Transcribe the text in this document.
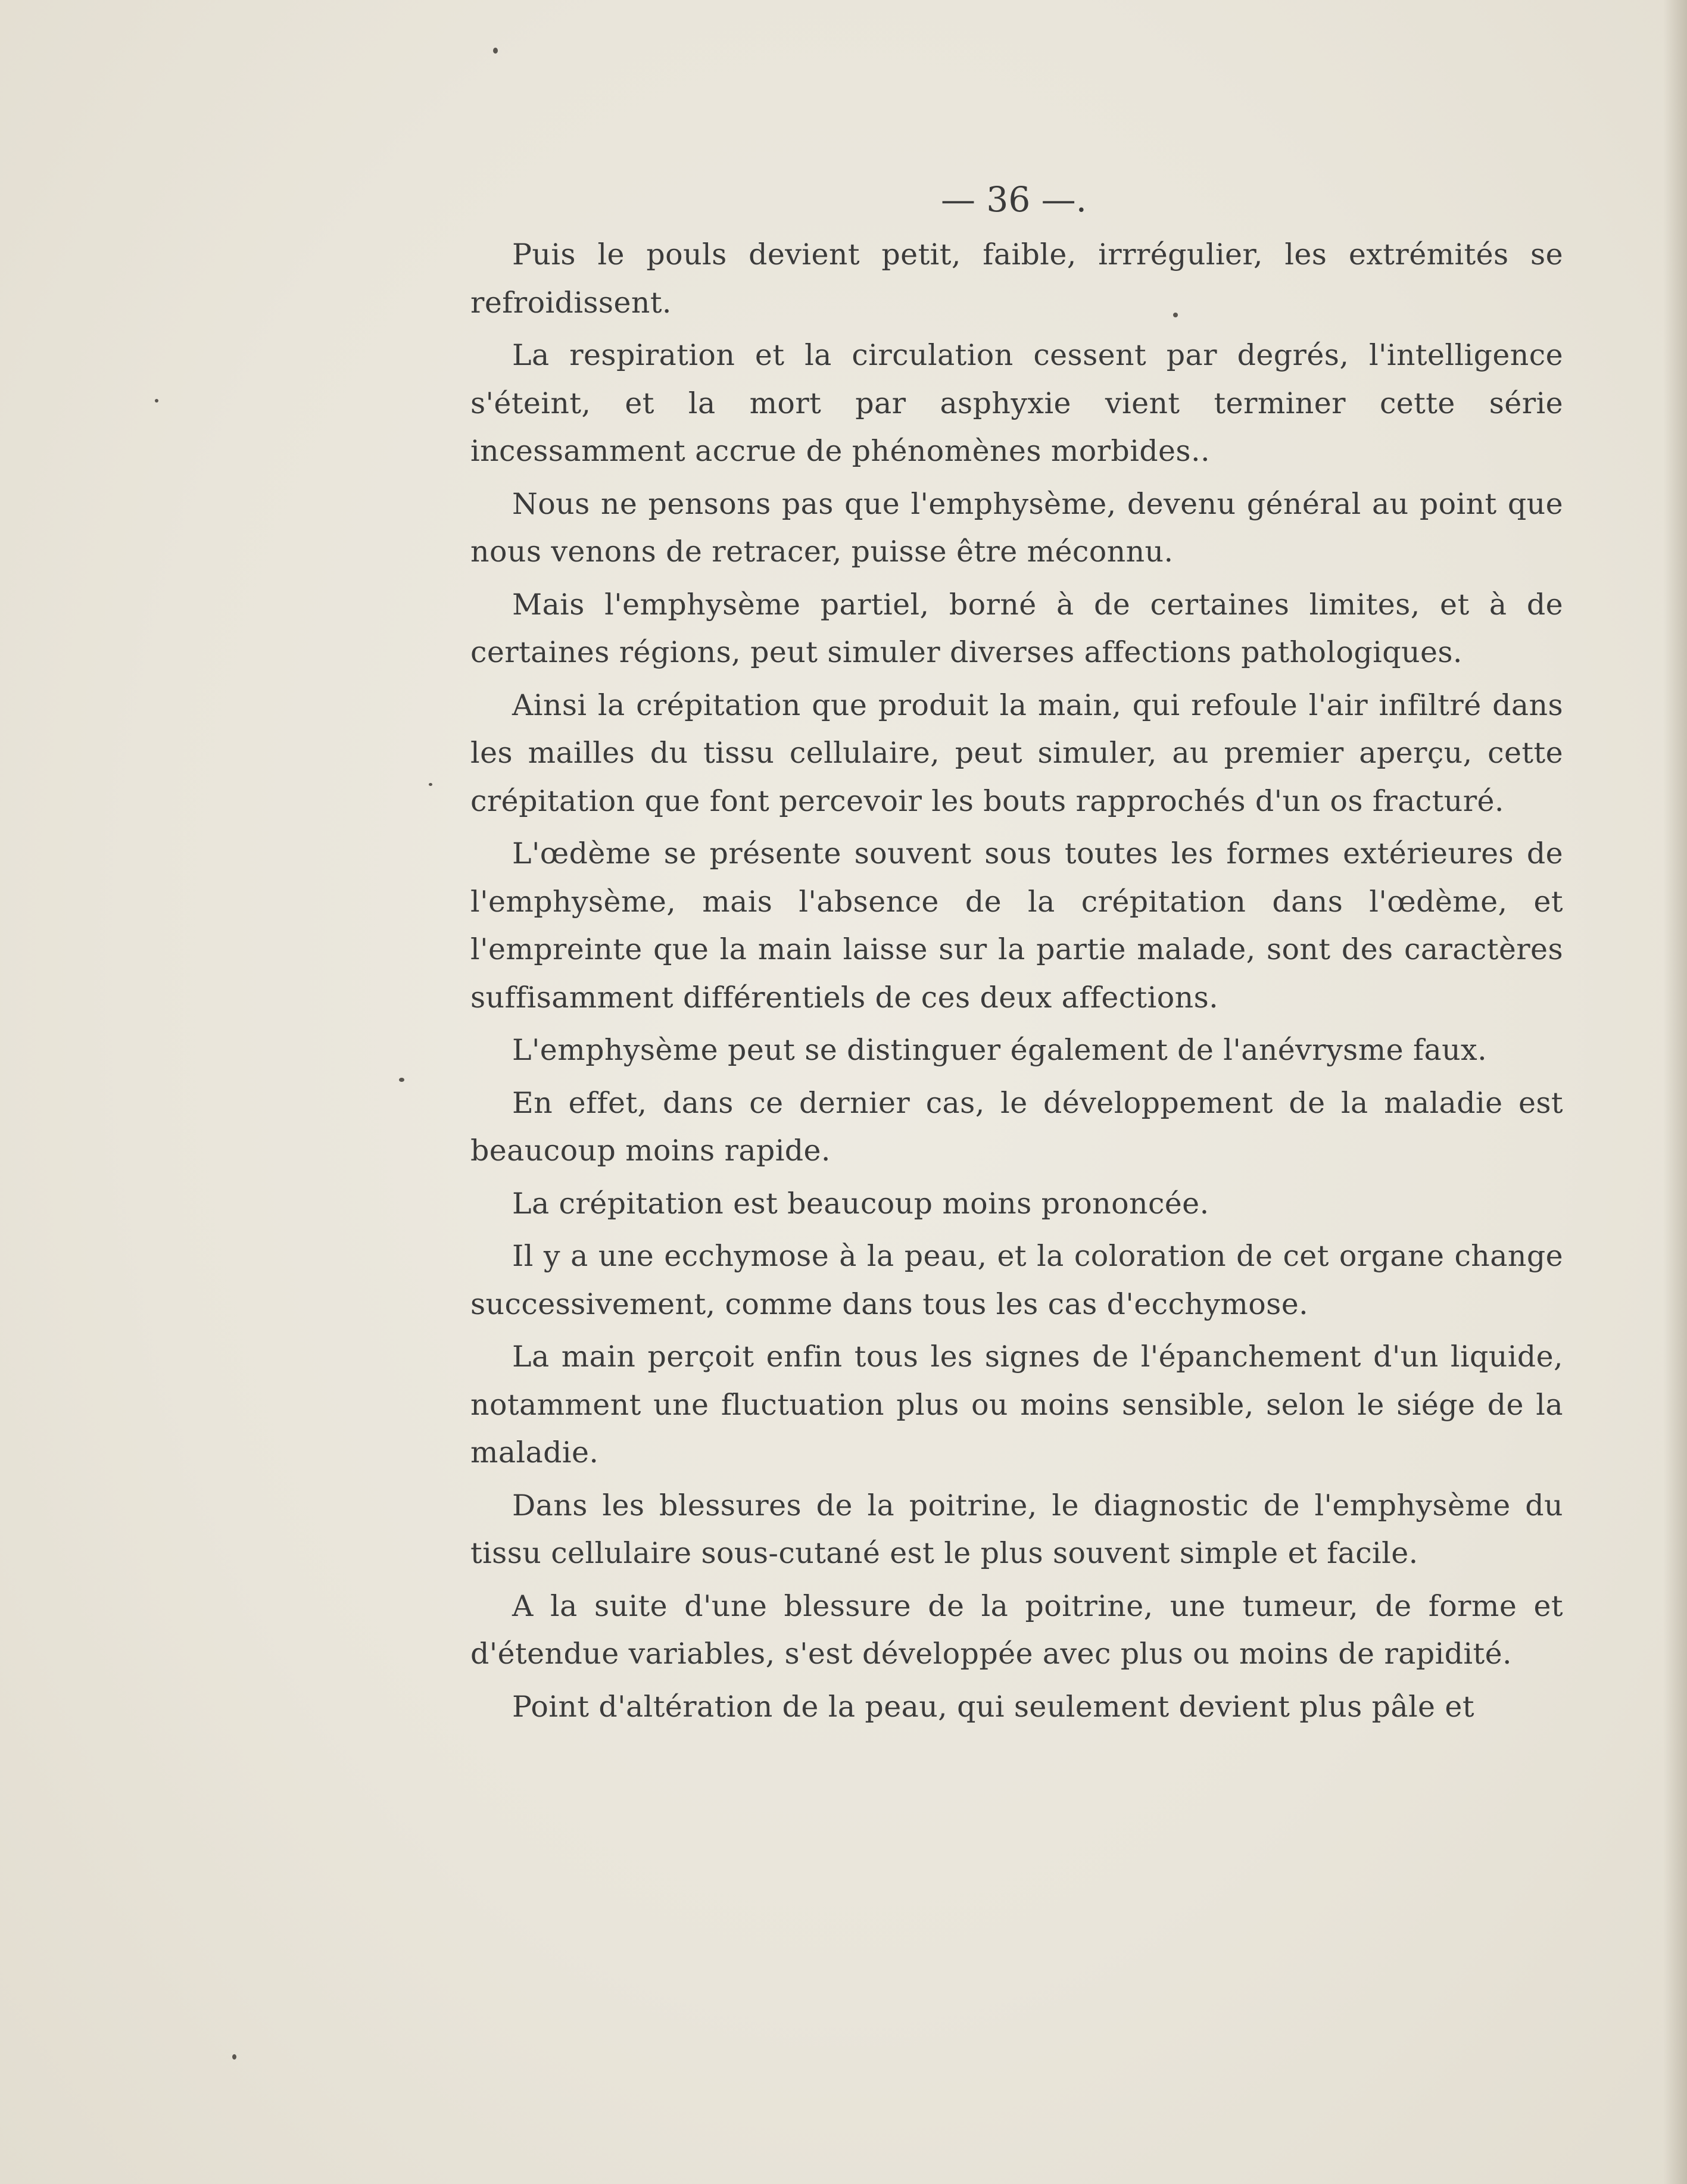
— 36 —.

Puis le pouls devient petit, faible, irrrégulier, les extrémités se refroidissent.

La respiration et la circulation cessent par degrés, l'intelligence s'éteint, et la mort par asphyxie vient terminer cette série incessamment accrue de phénomènes morbides..

Nous ne pensons pas que l'emphysème, devenu général au point que nous venons de retracer, puisse être méconnu.

Mais l'emphysème partiel, borné à de certaines limites, et à de certaines régions, peut simuler diverses affections pathologiques.

Ainsi la crépitation que produit la main, qui refoule l'air infiltré dans les mailles du tissu cellulaire, peut simuler, au premier aperçu, cette crépitation que font percevoir les bouts rapprochés d'un os fracturé.

L'œdème se présente souvent sous toutes les formes extérieures de l'emphysème, mais l'absence de la crépitation dans l'œdème, et l'empreinte que la main laisse sur la partie malade, sont des caractères suffisamment différentiels de ces deux affections.

L'emphysème peut se distinguer également de l'anévrysme faux.

En effet, dans ce dernier cas, le développement de la maladie est beaucoup moins rapide.

La crépitation est beaucoup moins prononcée.

Il y a une ecchymose à la peau, et la coloration de cet organe change successivement, comme dans tous les cas d'ecchymose.

La main perçoit enfin tous les signes de l'épanchement d'un liquide, notamment une fluctuation plus ou moins sensible, selon le siége de la maladie.

Dans les blessures de la poitrine, le diagnostic de l'emphysème du tissu cellulaire sous-cutané est le plus souvent simple et facile.

A la suite d'une blessure de la poitrine, une tumeur, de forme et d'étendue variables, s'est développée avec plus ou moins de rapidité.

Point d'altération de la peau, qui seulement devient plus pâle et
